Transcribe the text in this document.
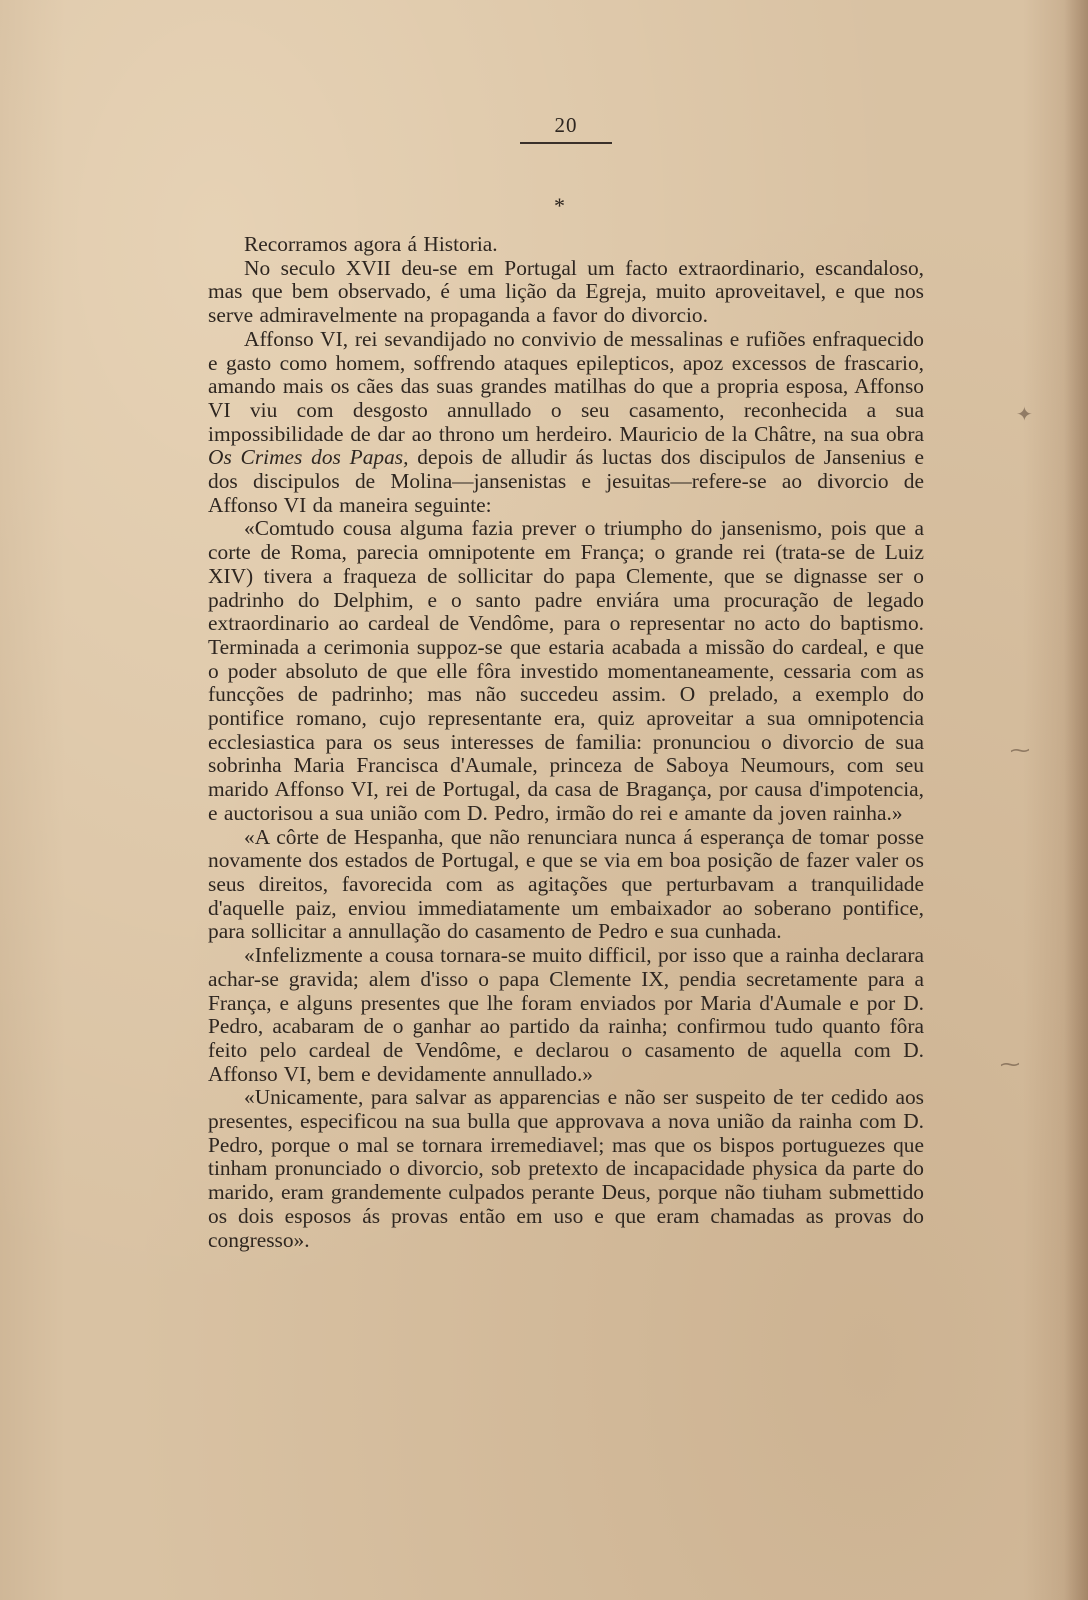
20
*

Recorramos agora á Historia.

No seculo XVII deu-se em Portugal um facto extraordinario, escandaloso, mas que bem observado, é uma lição da Egreja, muito aproveitavel, e que nos serve admiravelmente na propaganda a favor do divorcio.

Affonso VI, rei sevandijado no convivio de messalinas e rufiões enfraquecido e gasto como homem, soffrendo ataques epilepticos, apoz excessos de frascario, amando mais os cães das suas grandes matilhas do que a propria esposa, Affonso VI viu com desgosto annullado o seu casamento, reconhecida a sua impossibilidade de dar ao throno um herdeiro. Mauricio de la Châtre, na sua obra Os Crimes dos Papas, depois de alludir ás luctas dos discipulos de Jansenius e dos discipulos de Molina—jansenistas e jesuitas—refere-se ao divorcio de Affonso VI da maneira seguinte:

«Comtudo cousa alguma fazia prever o triumpho do jansenismo, pois que a corte de Roma, parecia omnipotente em França; o grande rei (trata-se de Luiz XIV) tivera a fraqueza de sollicitar do papa Clemente, que se dignasse ser o padrinho do Delphim, e o santo padre enviára uma procuração de legado extraordinario ao cardeal de Vendôme, para o representar no acto do baptismo. Terminada a cerimonia suppoz-se que estaria acabada a missão do cardeal, e que o poder absoluto de que elle fôra investido momentaneamente, cessaria com as funcções de padrinho; mas não succedeu assim. O prelado, a exemplo do pontifice romano, cujo representante era, quiz aproveitar a sua omnipotencia ecclesiastica para os seus interesses de familia: pronunciou o divorcio de sua sobrinha Maria Francisca d'Aumale, princeza de Saboya Neumours, com seu marido Affonso VI, rei de Portugal, da casa de Bragança, por causa d'impotencia, e auctorisou a sua união com D. Pedro, irmão do rei e amante da joven rainha.»

«A côrte de Hespanha, que não renunciara nunca á esperança de tomar posse novamente dos estados de Portugal, e que se via em boa posição de fazer valer os seus direitos, favorecida com as agitações que perturbavam a tranquilidade d'aquelle paiz, enviou immediatamente um embaixador ao soberano pontifice, para sollicitar a annullação do casamento de Pedro e sua cunhada.

«Infelizmente a cousa tornara-se muito difficil, por isso que a rainha declarara achar-se gravida; alem d'isso o papa Clemente IX, pendia secretamente para a França, e alguns presentes que lhe foram enviados por Maria d'Aumale e por D. Pedro, acabaram de o ganhar ao partido da rainha; confirmou tudo quanto fôra feito pelo cardeal de Vendôme, e declarou o casamento de aquella com D. Affonso VI, bem e devidamente annullado.»

«Unicamente, para salvar as apparencias e não ser suspeito de ter cedido aos presentes, especificou na sua bulla que approvava a nova união da rainha com D. Pedro, porque o mal se tornara irremediavel; mas que os bispos portuguezes que tinham pronunciado o divorcio, sob pretexto de incapacidade physica da parte do marido, eram grandemente culpados perante Deus, porque não tiuham submettido os dois esposos ás provas então em uso e que eram chamadas as provas do congresso».

✦
⁓
⁓
